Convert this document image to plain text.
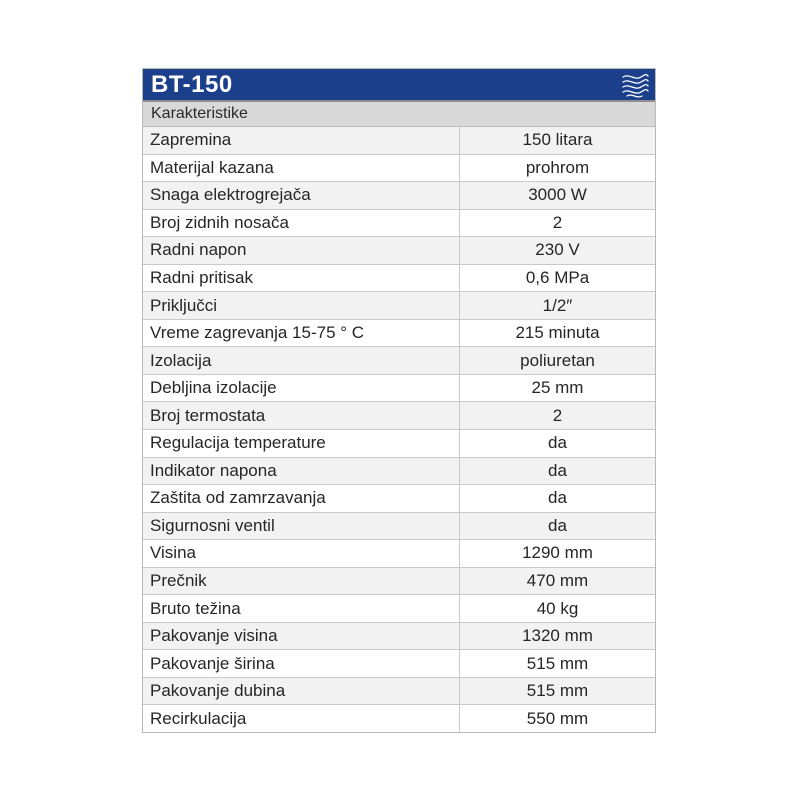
BT-150
Karakteristike
Zapremina	150 litara
Materijal kazana	prohrom
Snaga elektrogrejača	3000 W
Broj zidnih nosača	2
Radni napon	230 V
Radni pritisak	0,6 MPa
Priključci	1/2″
Vreme zagrevanja 15-75 ° C	215 minuta
Izolacija	poliuretan
Debljina izolacije	25 mm
Broj termostata	2
Regulacija temperature	da
Indikator napona	da
Zaštita od zamrzavanja	da
Sigurnosni ventil	da
Visina	1290 mm
Prečnik	470 mm
Bruto težina	40 kg
Pakovanje visina	1320 mm
Pakovanje širina	515 mm
Pakovanje dubina	515 mm
Recirkulacija	550 mm
